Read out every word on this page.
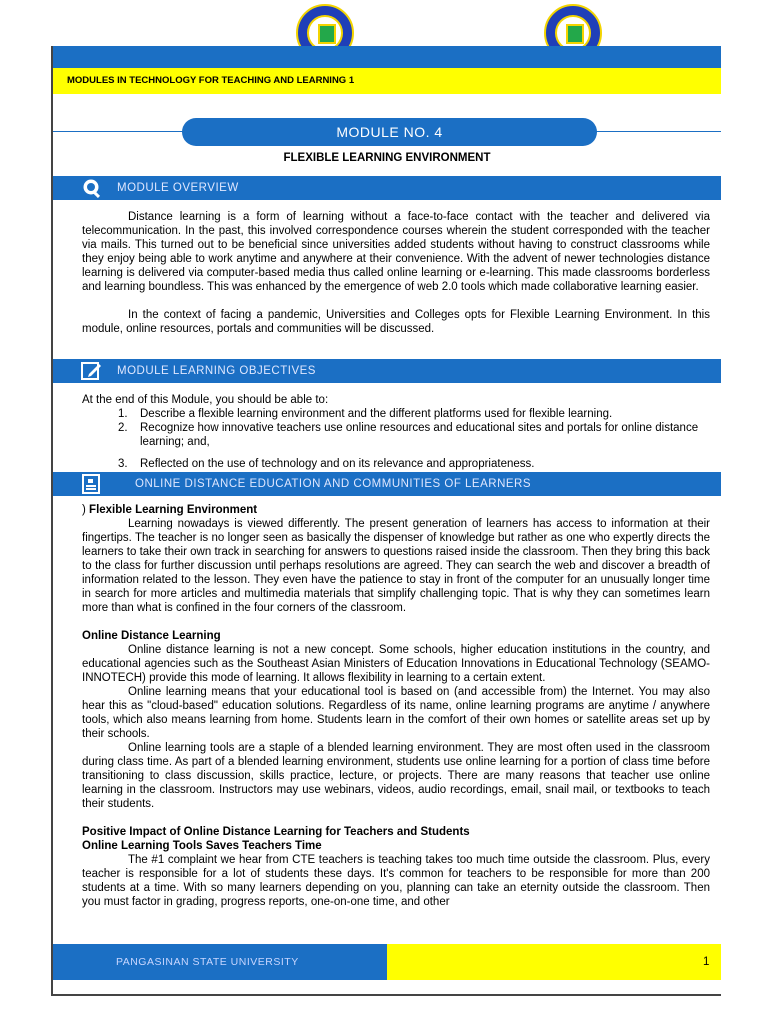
MODULES IN TECHNOLOGY FOR TEACHING AND LEARNING 1
MODULE NO. 4
FLEXIBLE LEARNING ENVIRONMENT
MODULE OVERVIEW

Distance learning is a form of learning without a face-to-face contact with the teacher and delivered via telecommunication. In the past, this involved correspondence courses wherein the student corresponded with the teacher via mails. This turned out to be beneficial since universities added students without having to construct classrooms while they enjoy being able to work anytime and anywhere at their convenience. With the advent of newer technologies distance learning is delivered via computer-based media thus called online learning or e-learning. This made classrooms borderless and learning boundless. This was enhanced by the emergence of web 2.0 tools which made collaborative learning easier.

In the context of facing a pandemic, Universities and Colleges opts for Flexible Learning Environment. In this module, online resources, portals and communities will be discussed.

MODULE LEARNING OBJECTIVES
At the end of this Module, you should be able to:
1. Describe a flexible learning environment and the different platforms used for flexible learning.
2. Recognize how innovative teachers use online resources and educational sites and portals for online distance learning; and,
3. Reflected on the use of technology and on its relevance and appropriateness.
ONLINE DISTANCE EDUCATION AND COMMUNITIES OF LEARNERS

) Flexible Learning Environment

Learning nowadays is viewed differently. The present generation of learners has access to information at their fingertips. The teacher is no longer seen as basically the dispenser of knowledge but rather as one who expertly directs the learners to take their own track in searching for answers to questions raised inside the classroom. Then they bring this back to the class for further discussion until perhaps resolutions are agreed. They can search the web and discover a breadth of information related to the lesson. They even have the patience to stay in front of the computer for an unusually longer time in search for more articles and multimedia materials that simplify challenging topic. That is why they can sometimes learn more than what is confined in the four corners of the classroom.

Online Distance Learning

Online distance learning is not a new concept. Some schools, higher education institutions in the country, and educational agencies such as the Southeast Asian Ministers of Education Innovations in Educational Technology (SEAMO-INNOTECH) provide this mode of learning. It allows flexibility in learning to a certain extent.

Online learning means that your educational tool is based on (and accessible from) the Internet. You may also hear this as "cloud-based" education solutions. Regardless of its name, online learning programs are anytime / anywhere tools, which also means learning from home. Students learn in the comfort of their own homes or satellite areas set up by their schools.

Online learning tools are a staple of a blended learning environment. They are most often used in the classroom during class time. As part of a blended learning environment, students use online learning for a portion of class time before transitioning to class discussion, skills practice, lecture, or projects. There are many reasons that teacher use online learning in the classroom. Instructors may use webinars, videos, audio recordings, email, snail mail, or textbooks to teach their students.

Positive Impact of Online Distance Learning for Teachers and Students

Online Learning Tools Saves Teachers Time

The #1 complaint we hear from CTE teachers is teaching takes too much time outside the classroom. Plus, every teacher is responsible for a lot of students these days. It's common for teachers to be responsible for more than 200 students at a time. With so many learners depending on you, planning can take an eternity outside the classroom. Then you must factor in grading, progress reports, one-on-one time, and other

PANGASINAN STATE UNIVERSITY	1
